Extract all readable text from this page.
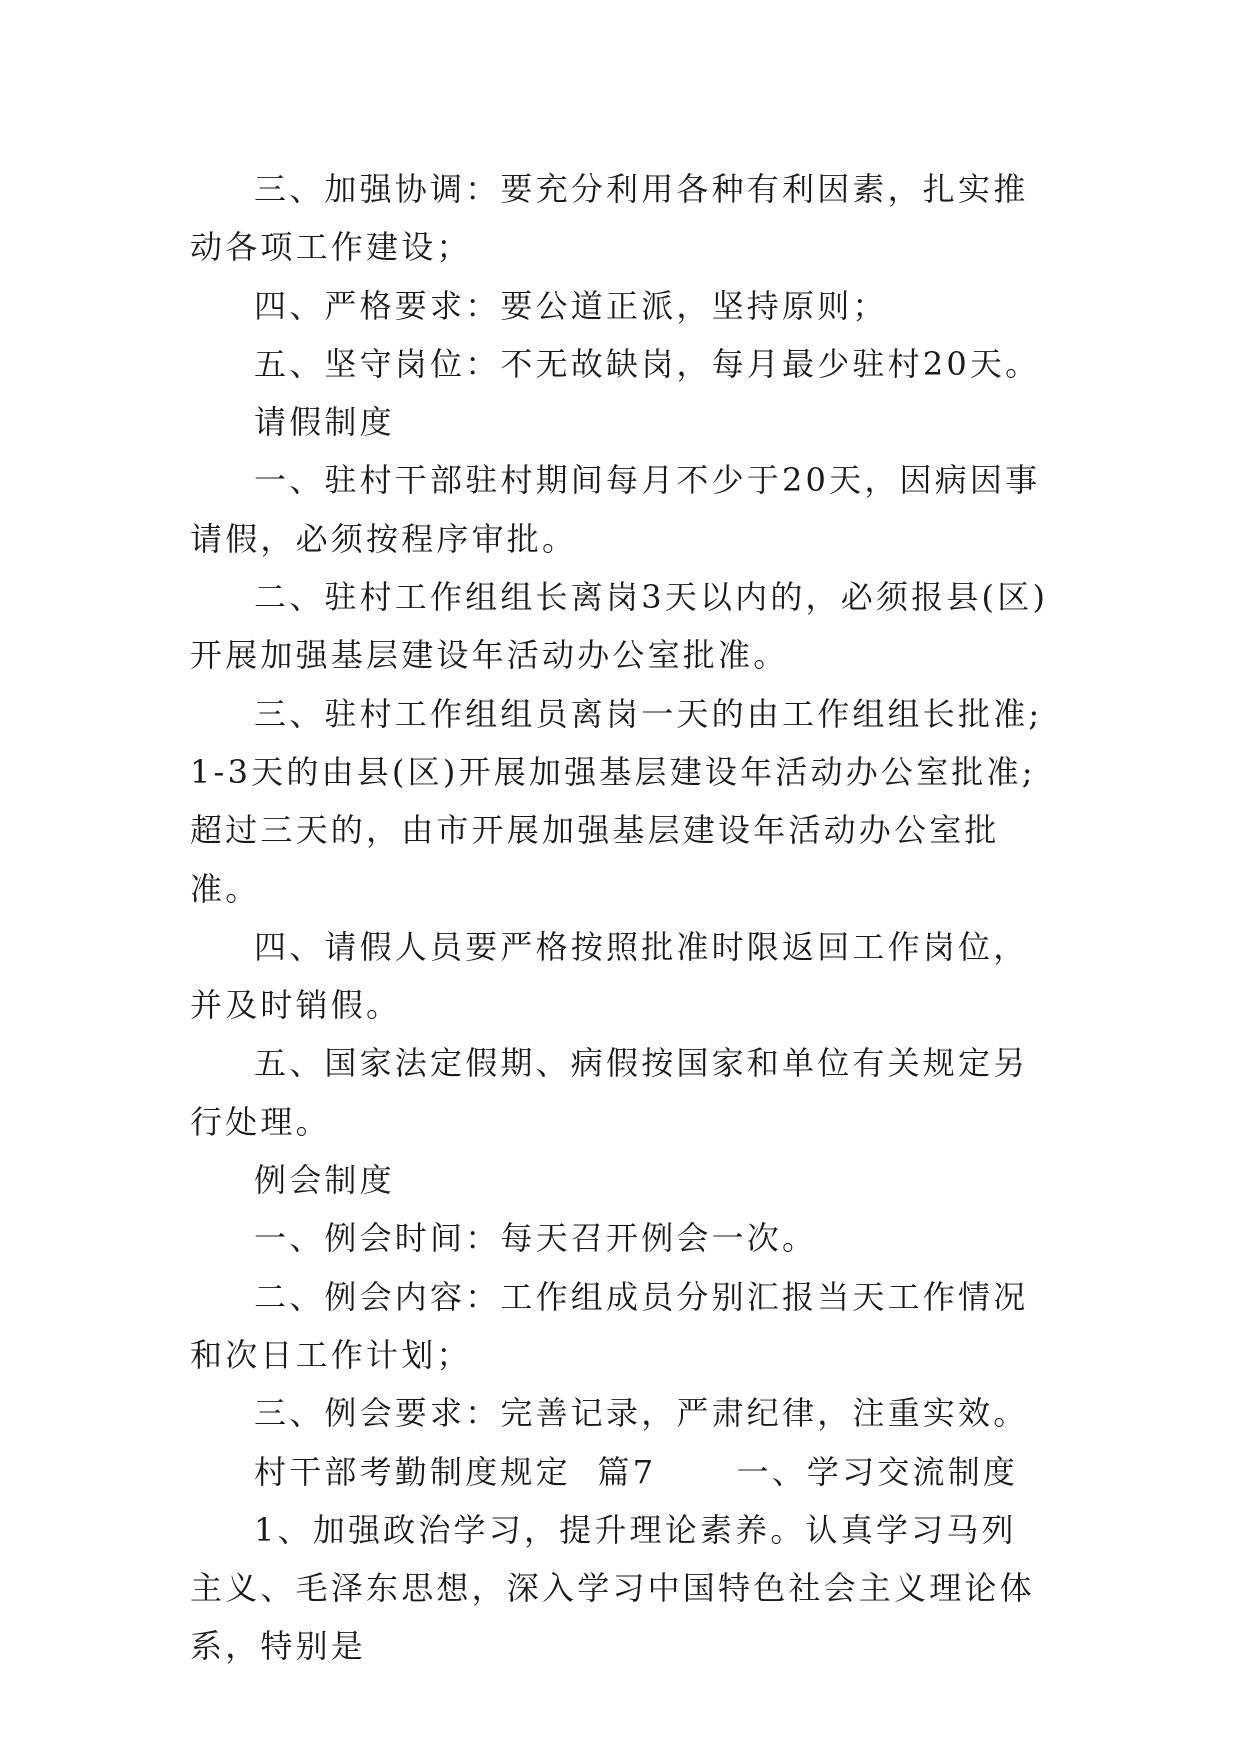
三、加强协调：要充分利用各种有利因素，扎实推动各项工作建设；

四、严格要求：要公道正派，坚持原则；

五、坚守岗位：不无故缺岗，每月最少驻村20天。

请假制度

一、驻村干部驻村期间每月不少于20天，因病因事请假，必须按程序审批。

二、驻村工作组组长离岗3天以内的，必须报县(区)开展加强基层建设年活动办公室批准。

三、驻村工作组组员离岗一天的由工作组组长批准;1-3天的由县(区)开展加强基层建设年活动办公室批准;超过三天的，由市开展加强基层建设年活动办公室批准。

四、请假人员要严格按照批准时限返回工作岗位，并及时销假。

五、国家法定假期、病假按国家和单位有关规定另行处理。

例会制度

一、例会时间：每天召开例会一次。

二、例会内容：工作组成员分别汇报当天工作情况和次日工作计划；

三、例会要求：完善记录，严肃纪律，注重实效。

村干部考勤制度规定  篇7      一、学习交流制度

1、加强政治学习，提升理论素养。认真学习马列主义、毛泽东思想，深入学习中国特色社会主义理论体系，特别是
